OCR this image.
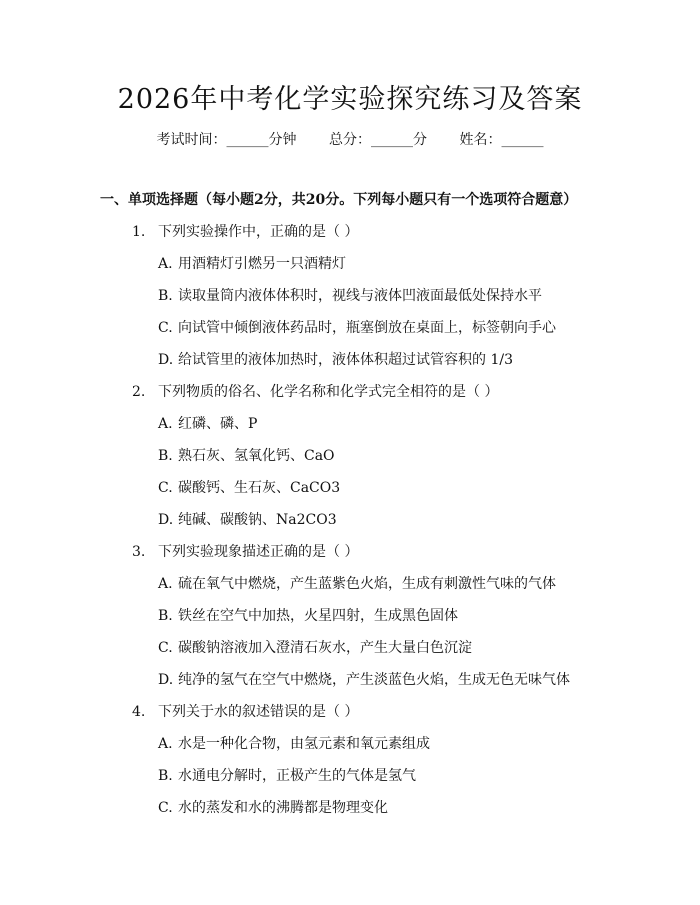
2026年中考化学实验探究练习及答案
考试时间：______分钟 总分：______分 姓名：______
一、单项选择题（每小题2分，共20分。下列每小题只有一个选项符合题意）
1. 下列实验操作中，正确的是（ ）
A. 用酒精灯引燃另一只酒精灯
B. 读取量筒内液体体积时，视线与液体凹液面最低处保持水平
C. 向试管中倾倒液体药品时，瓶塞倒放在桌面上，标签朝向手心
D. 给试管里的液体加热时，液体体积超过试管容积的 1/3
2. 下列物质的俗名、化学名称和化学式完全相符的是（ ）
A. 红磷、磷、P
B. 熟石灰、氢氧化钙、CaO
C. 碳酸钙、生石灰、CaCO3
D. 纯碱、碳酸钠、Na2CO3
3. 下列实验现象描述正确的是（ ）
A. 硫在氧气中燃烧，产生蓝紫色火焰，生成有刺激性气味的气体
B. 铁丝在空气中加热，火星四射，生成黑色固体
C. 碳酸钠溶液加入澄清石灰水，产生大量白色沉淀
D. 纯净的氢气在空气中燃烧，产生淡蓝色火焰，生成无色无味气体
4. 下列关于水的叙述错误的是（ ）
A. 水是一种化合物，由氢元素和氧元素组成
B. 水通电分解时，正极产生的气体是氢气
C. 水的蒸发和水的沸腾都是物理变化
